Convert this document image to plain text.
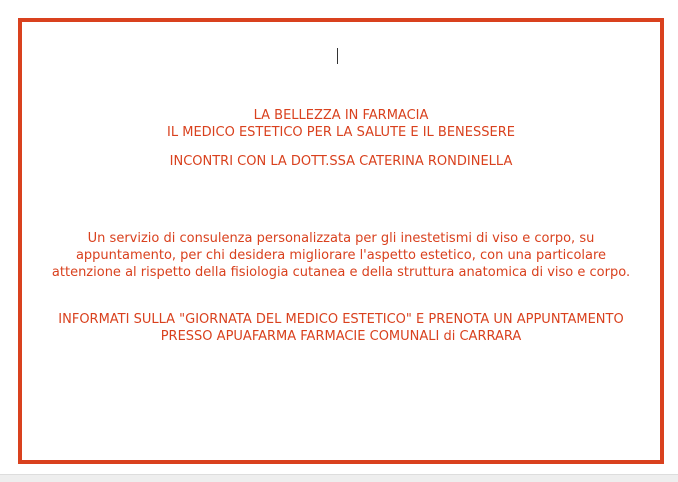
LA BELLEZZA IN FARMACIA

IL MEDICO ESTETICO PER LA SALUTE E IL BENESSERE

INCONTRI CON LA DOTT.SSA CATERINA RONDINELLA

Un servizio di consulenza personalizzata per gli inestetismi di viso e corpo, su appuntamento, per chi desidera migliorare l'aspetto estetico, con una particolare attenzione al rispetto della fisiologia cutanea e della struttura anatomica di viso e corpo.

INFORMATI SULLA "GIORNATA DEL MEDICO ESTETICO" E PRENOTA UN APPUNTAMENTO PRESSO APUAFARMA FARMACIE COMUNALI di CARRARA
